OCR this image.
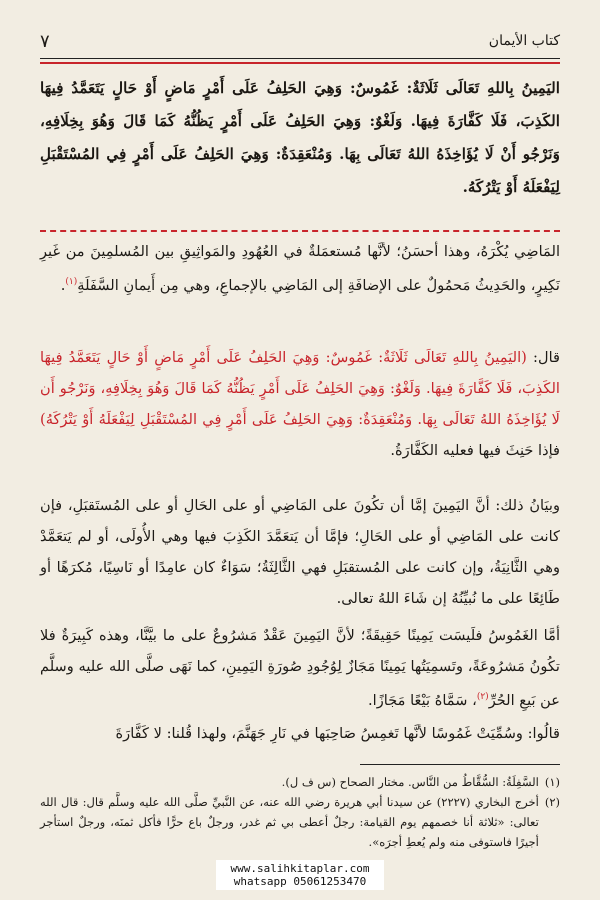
كتاب الأيمان
٧

اليَمِينُ بِاللهِ تَعَالَى ثَلَاثَةٌ: غَمُوسٌ: وَهِيَ الحَلِفُ عَلَى أَمْرٍ مَاضٍ أَوْ حَالٍ يَتَعَمَّدُ فِيهَا الكَذِبَ، فَلَا كَفَّارَةَ فِيهَا. وَلَغْوٌ: وَهِيَ الحَلِفُ عَلَى أَمْرٍ يَظُنُّهُ كَمَا قَالَ وَهُوَ بِخِلَافِهِ، وَنَرْجُو أَنْ لَا يُؤَاخِذَهُ اللهُ تَعَالَى بِهَا. وَمُنْعَقِدَةٌ: وَهِيَ الحَلِفُ عَلَى أَمْرٍ فِي المُسْتَقْبَلِ لِيَفْعَلَهُ أَوْ يَتْرُكَهُ.

المَاضِي يُكْرَهُ، وهذا أحسَنُ؛ لأنَّها مُستعمَلةٌ في العُهُودِ والمَواثِيقِ بين المُسلمِينَ من غَيرِ نَكِيرٍ، والحَدِيثُ مَحمُولٌ على الإضافَةِ إلى المَاضِي بالإجماعِ، وهي مِن أَيمانِ السَّفَلَةِ$^{(١)}$.

قال: (اليَمِينُ بِاللهِ تَعَالَى ثَلَاثَةٌ: غَمُوسٌ: وَهِيَ الحَلِفُ عَلَى أَمْرٍ مَاضٍ أَوْ حَالٍ يَتَعَمَّدُ فِيهَا الكَذِبَ، فَلَا كَفَّارَةَ فِيهَا. وَلَغْوٌ: وَهِيَ الحَلِفُ عَلَى أَمْرٍ يَظُنُّهُ كَمَا قَالَ وَهُوَ بِخِلَافِهِ، وَنَرْجُو أَن لَا يُؤَاخِذَهُ اللهُ تَعَالَى بِهَا. وَمُنْعَقِدَةٌ: وَهِيَ الحَلِفُ عَلَى أَمْرٍ فِي المُسْتَقْبَلِ لِيَفْعَلَهُ أَوْ يَتْرُكَهُ) فإذا حَنِثَ فيها فعليه الكَفَّارَةُ.

وبيَانُ ذلك: أنَّ اليَمِينَ إمَّا أن تكُونَ على المَاضِي أو على الحَالِ أو على المُستَقبَلِ، فإن كانت على المَاضِي أو على الحَالِ؛ فإمَّا أن يَتعَمَّدَ الكَذِبَ فيها وهي الأُولَى، أو لم يَتعَمَّدْ وهي الثَّانِيَةُ، وإن كانت على المُستقبَلِ فهي الثَّالِثَةُ؛ سَوَاءٌ كان عامِدًا أو نَاسِيًا، مُكرَهًا أو طَائِعًا على ما نُبيِّنُهُ إن شَاءَ اللهُ تعالى.

أمَّا الغَمُوسُ فلَيسَت يَمِينًا حَقِيقَةً؛ لأنَّ اليَمِينَ عَقْدٌ مَشرُوعٌ على ما بيَّنَّا، وهذه كَبِيرَةٌ فلا تكُونُ مَشرُوعَةً، وتَسمِيَتُها يَمِينًا مَجَازٌ لِوُجُودِ صُورَةِ اليَمِينِ، كما نَهَى صلَّى الله عليه وسلَّم عن بَيعِ الحُرِّ$^{(٢)}$، سَمَّاهُ بَيْعًا مَجَازًا.

قالُوا: وسُمِّيَتْ غَمُوسًا لأنَّها تَغمِسُ صَاحِبَها في نَارِ جَهَنَّمَ، ولهذا قُلنا: لا كَفَّارَةَ

(١)
السَّفِلَةُ: السُّقَّاطُ من النَّاس. مختار الصحاح (س ف ل).

(٢)
أخرج البخاري (٢٢٢٧) عن سيدنا أبي هريرة رضي الله عنه، عن النَّبيِّ صلَّى الله عليه وسلَّم قال: قال الله تعالى: «ثلاثة أنا خصمهم يوم القيامة: رجلٌ أعطى بي ثم غدر، ورجلٌ باع حرًّا فأكل ثمنَه، ورجلٌ استأجر أجيرًا فاستوفى منه ولم يُعطِ أجرَه».

www.salihkitaplar.com
whatsapp 05061253470
